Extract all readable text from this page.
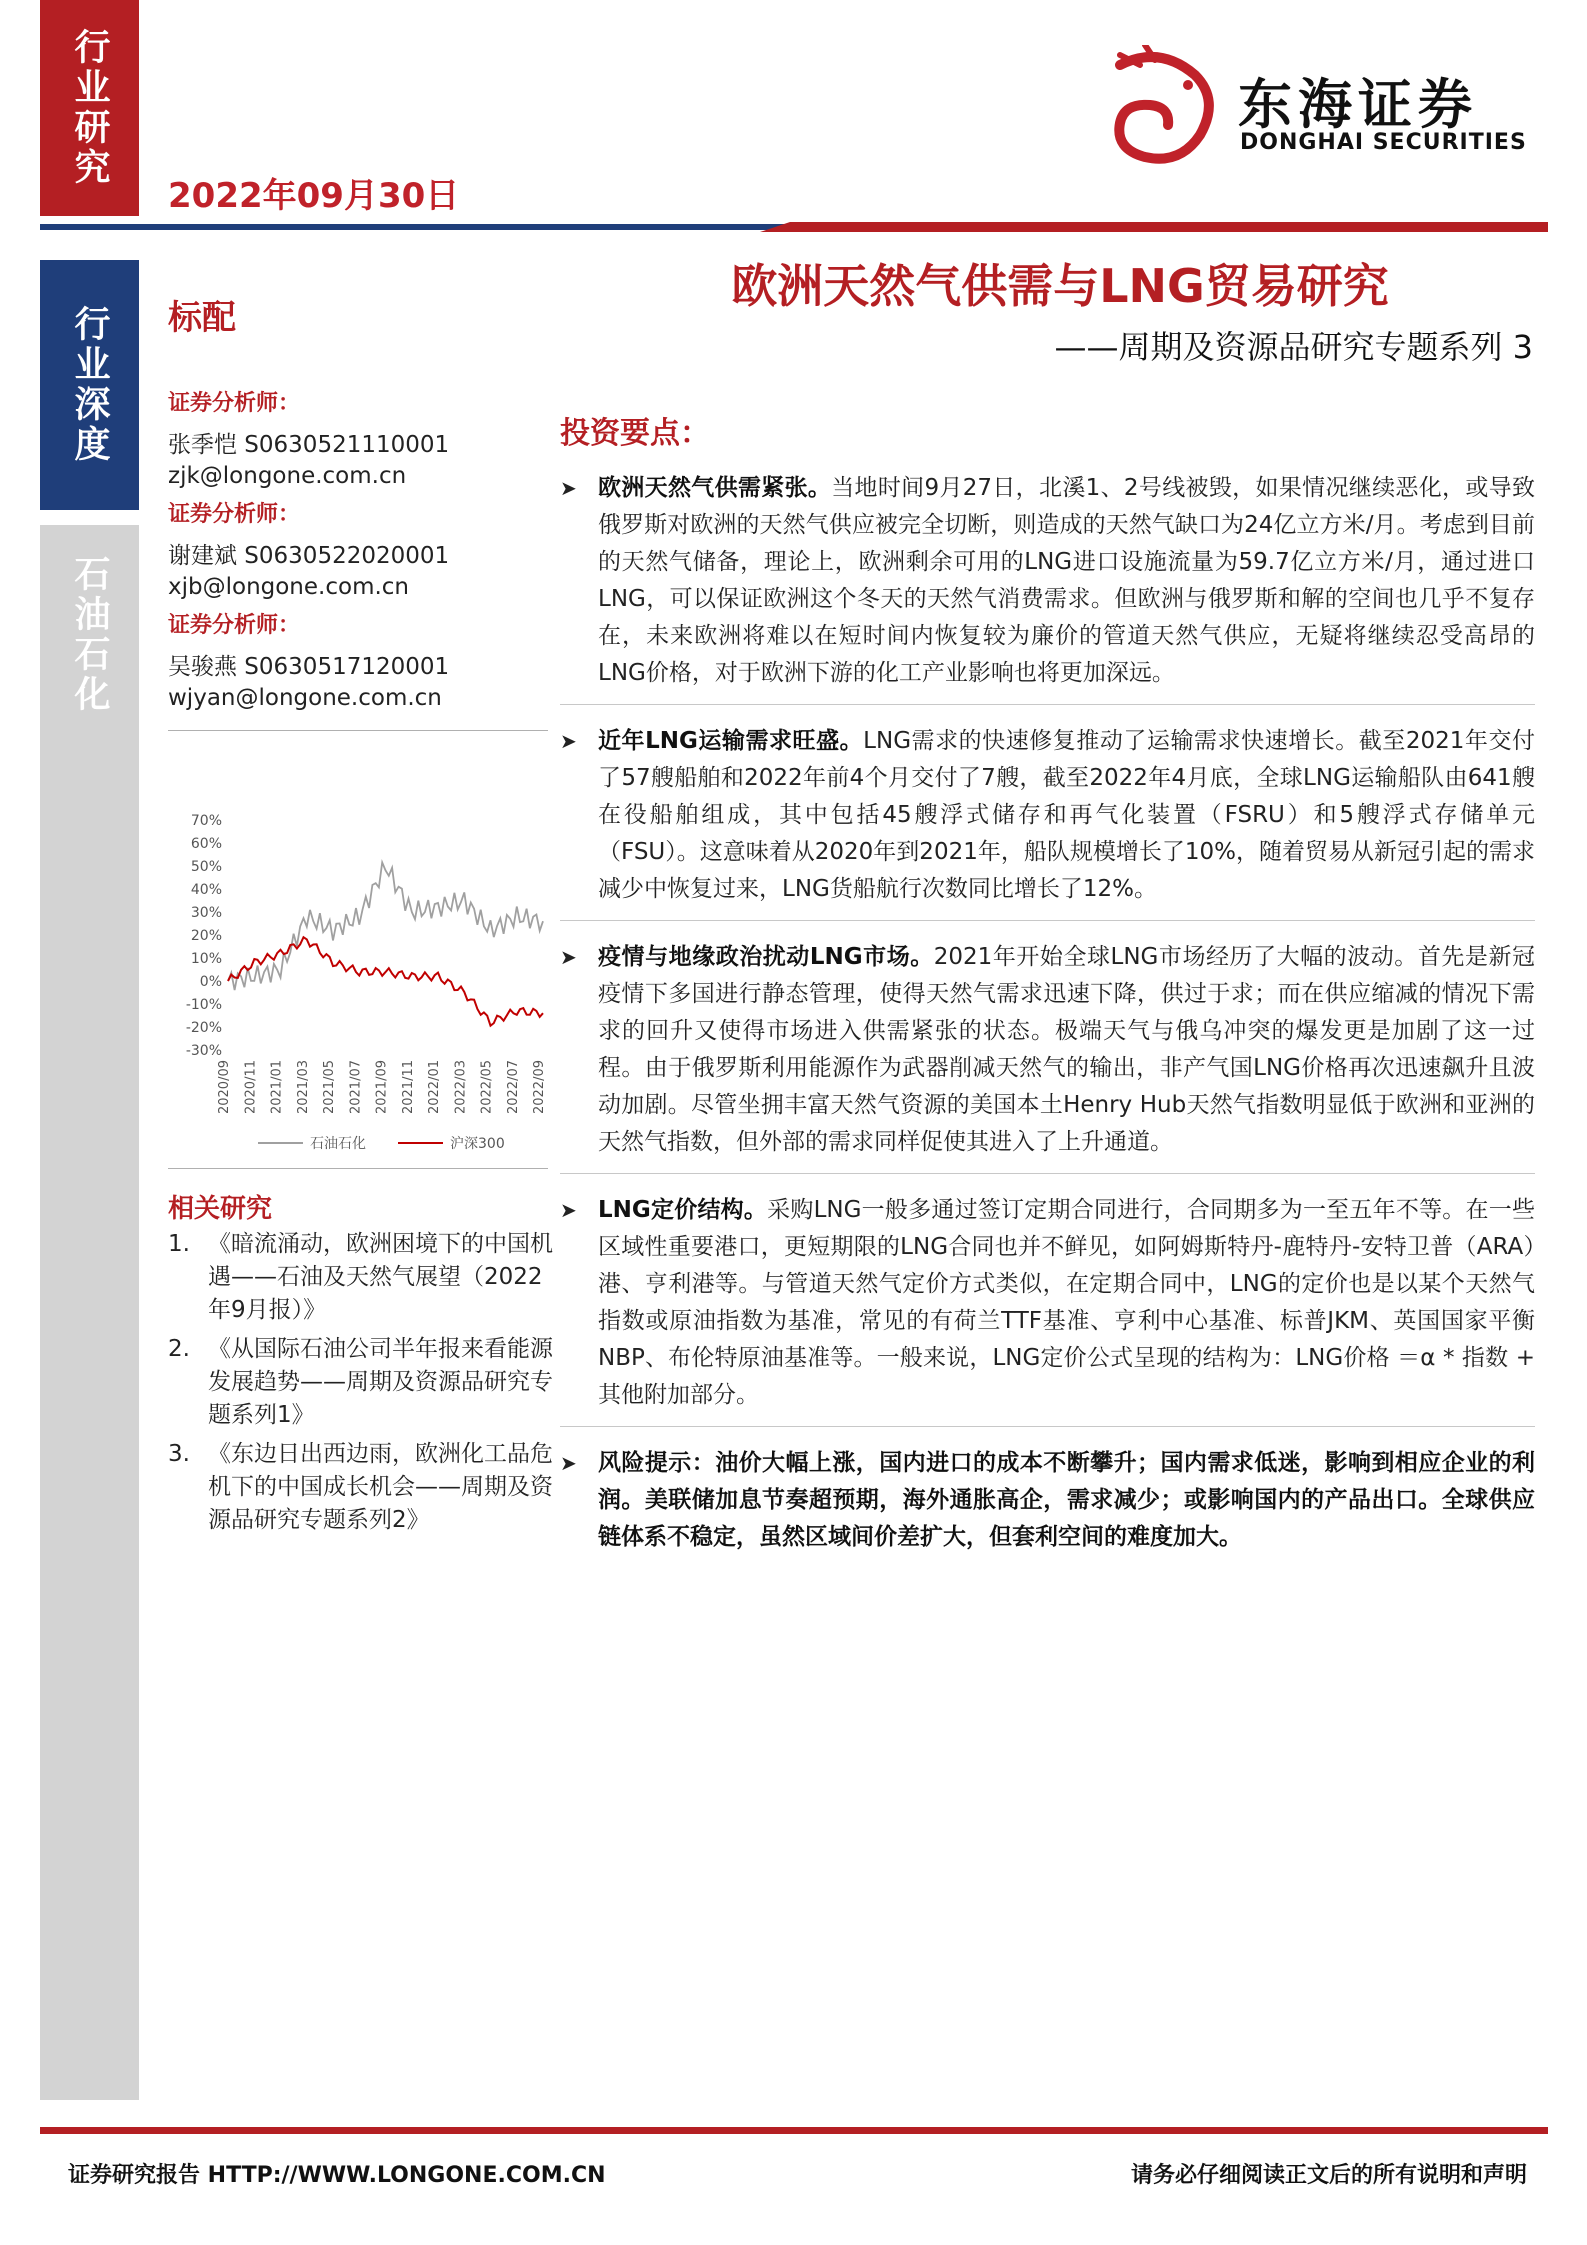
行业研究
行业深度
石油石化
2022年09月30日
东海证券
DONGHAI SECURITIES
欧洲天然气供需与LNG贸易研究
——周期及资源品研究专题系列 3
标配
证券分析师：
张季恺 S0630521110001
zjk@longone.com.cn
证券分析师：
谢建斌 S0630522020001
xjb@longone.com.cn
证券分析师：
吴骏燕 S0630517120001
wjyan@longone.com.cn
70%
60%
50%
40%
30%
20%
10%
0%
-10%
-20%
-30%
2020/09 2020/11 2021/01 2021/03 2021/05 2021/07 2021/09 2021/11 2022/01 2022/03 2022/05 2022/07 2022/09
石油石化	沪深300
相关研究
1. 《暗流涌动，欧洲困境下的中国机遇——石油及天然气展望（2022年9月报）》
2. 《从国际石油公司半年报来看能源发展趋势——周期及资源品研究专题系列1》
3. 《东边日出西边雨，欧洲化工品危机下的中国成长机会——周期及资源品研究专题系列2》
投资要点：
➤ 欧洲天然气供需紧张。当地时间9月27日，北溪1、2号线被毁，如果情况继续恶化，或导致俄罗斯对欧洲的天然气供应被完全切断，则造成的天然气缺口为24亿立方米/月。考虑到目前的天然气储备，理论上，欧洲剩余可用的LNG进口设施流量为59.7亿立方米/月，通过进口LNG，可以保证欧洲这个冬天的天然气消费需求。但欧洲与俄罗斯和解的空间也几乎不复存在，未来欧洲将难以在短时间内恢复较为廉价的管道天然气供应，无疑将继续忍受高昂的LNG价格，对于欧洲下游的化工产业影响也将更加深远。
➤ 近年LNG运输需求旺盛。LNG需求的快速修复推动了运输需求快速增长。截至2021年交付了57艘船舶和2022年前4个月交付了7艘，截至2022年4月底，全球LNG运输船队由641艘在役船舶组成，其中包括45艘浮式储存和再气化装置（FSRU）和5艘浮式存储单元（FSU）。这意味着从2020年到2021年，船队规模增长了10%，随着贸易从新冠引起的需求减少中恢复过来，LNG货船航行次数同比增长了12%。
➤ 疫情与地缘政治扰动LNG市场。2021年开始全球LNG市场经历了大幅的波动。首先是新冠疫情下多国进行静态管理，使得天然气需求迅速下降，供过于求；而在供应缩减的情况下需求的回升又使得市场进入供需紧张的状态。极端天气与俄乌冲突的爆发更是加剧了这一过程。由于俄罗斯利用能源作为武器削减天然气的输出，非产气国LNG价格再次迅速飙升且波动加剧。尽管坐拥丰富天然气资源的美国本土Henry Hub天然气指数明显低于欧洲和亚洲的天然气指数，但外部的需求同样促使其进入了上升通道。
➤ LNG定价结构。采购LNG一般多通过签订定期合同进行，合同期多为一至五年不等。在一些区域性重要港口，更短期限的LNG合同也并不鲜见，如阿姆斯特丹-鹿特丹-安特卫普（ARA）港、亨利港等。与管道天然气定价方式类似，在定期合同中，LNG的定价也是以某个天然气指数或原油指数为基准，常见的有荷兰TTF基准、亨利中心基准、标普JKM、英国国家平衡NBP、布伦特原油基准等。一般来说，LNG定价公式呈现的结构为：LNG价格 ＝α * 指数 + 其他附加部分。
➤ 风险提示：油价大幅上涨，国内进口的成本不断攀升；国内需求低迷，影响到相应企业的利润。美联储加息节奏超预期，海外通胀高企，需求减少；或影响国内的产品出口。全球供应链体系不稳定，虽然区域间价差扩大，但套利空间的难度加大。
证券研究报告 HTTP://WWW.LONGONE.COM.CN	请务必仔细阅读正文后的所有说明和声明
